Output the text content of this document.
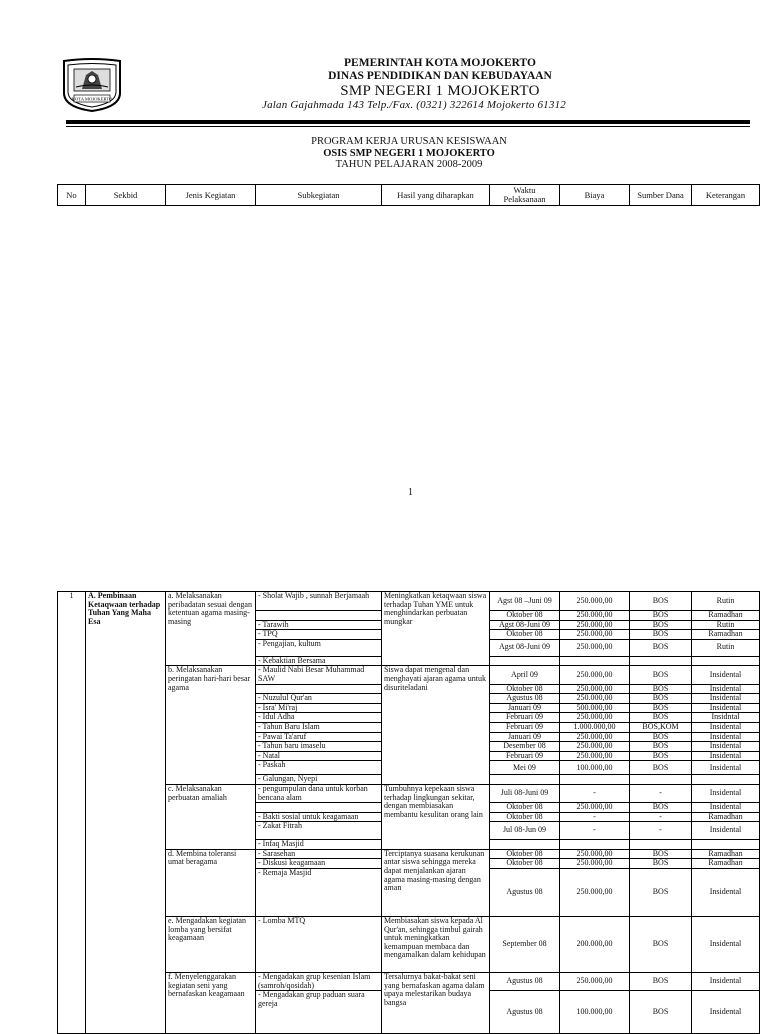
KOTA MOJOKERTO
PEMERINTAH KOTA MOJOKERTO
DINAS PENDIDIKAN DAN KEBUDAYAAN
SMP NEGERI 1 MOJOKERTO
Jalan Gajahmada 143 Telp./Fax. (0321) 322614 Mojokerto 61312
PROGRAM KERJA URUSAN KESISWAAN
OSIS SMP NEGERI 1 MOJOKERTO
TAHUN PELAJARAN 2008-2009
No	Sekbid	Jenis Kegiatan	Subkegiatan	Hasil yang diharapkan	Waktu Pelaksanaan	Biaya	Sumber Dana	Keterangan
1
1	A. Pembinaan Ketaqwaan terhadap Tuhan Yang Maha Esa	a. Melaksanakan peribadatan sesuai dengan ketentuan agama masing-masing	- Sholat Wajib , sunnah Berjamaah	Meningkatkan ketaqwaan siswa terhadap Tuhan YME untuk menghindarkan perbuatan mungkar	Agst 08 –Juni 09	250.000,00	BOS	Rutin
					Oktober 08	250.000,00	BOS	Ramadhan
			- Tarawih		Agst 08-Juni 09	250.000,00	BOS	Rutin
			- TPQ		Oktober 08	250.000,00	BOS	Ramadhan
			- Pengajian, kultum		Agst 08-Juni 09	250.000,00	BOS	Rutin
			- Kebaktian Bersama					
		b. Melaksanakan peringatan hari-hari besar agama	- Maulid Nabi Besar Muhammad SAW	Siswa dapat mengenal dan menghayati ajaran agama untuk disuriteladani	April 09	250.000,00	BOS	Insidental
					Oktober 08	250.000,00	BOS	Insidental
			- Nuzulul Qur'an		Agustus 08	250.000,00	BOS	Insidental
			- Isra' Mi'raj		Januari 09	500.000,00	BOS	Insidental
			- Idul Adha		Februari 09	250.000,00	BOS	Insidntal
			- Tahun Baru Islam		Februari 09	1.000.000,00	BOS,KOM	Insidental
			- Pawai Ta'aruf		Januari 09	250.000,00	BOS	Insidental
			- Tahun baru imaselu		Desember 08	250.000,00	BOS	Insidental
			- Natal		Februari 09	250.000,00	BOS	Insidental
			- Paskah		Mei 09	100.000,00	BOS	Insidental
			- Galungan, Nyepi					
		c. Melaksanakan perbuatan amaliah	- pengumpulan dana untuk korban bencana alam	Tumbuhnya kepekaan siswa terhadap lingkungan sekitar, dengan membiasakan membantu kesulitan orang lain	Juli 08-Juni 09	-	-	Insidental
					Oktober 08	250.000,00	BOS	Insidental
			- Bakti sosial untuk keagamaan		Oktober 08	-	-	Ramadhan
			- Zakat Fitrah		Jul 08-Jun 09	-	-	Insidental
			- Infaq Masjid					
		d. Membina toleransi umat beragama	- Sarasehan	Terciptanya suasana kerukunan antar siswa sehingga mereka dapat menjalankan ajaran agama masing-masing dengan aman	Oktober 08	250.000,00	BOS	Ramadhan
			- Diskusi keagamaan		Oktober 08	250.000,00	BOS	Ramadhan
			- Remaja Masjid		Agustus 08	250.000,00	BOS	Insidental
		e. Mengadakan kegiatan lomba yang bersifat keagamaan	- Lomba MTQ	Membiasakan siswa kepada Al Qur'an, sehingga timbul gairah untuk meningkatkan kemampuan membaca dan mengamalkan dalam kehidupan	September 08	200.000,00	BOS	Insidental
		f. Menyelenggarakan kegiatan seni yang bernafaskan keagamaan	- Mengadakan grup kesenian Islam (samroh/qosidah)	Tersalurnya bakat-bakat seni yang bernafaskan agama dalam upaya melestarikan budaya bangsa	Agustus 08	250.000,00	BOS	Insidental
			- Mengadakan grup paduan suara gereja		Agustus 08	100.000,00	BOS	Insidental
